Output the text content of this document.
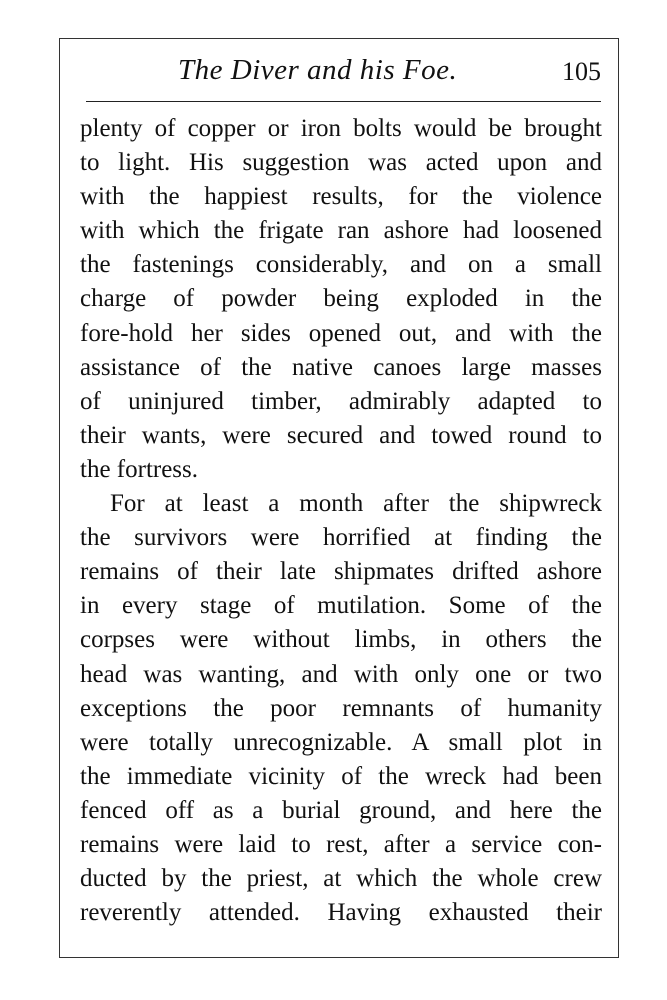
The Diver and his Foe.	105
plenty of copper or iron bolts would be brought
to light. His suggestion was acted upon and
with the happiest results, for the violence
with which the frigate ran ashore had loosened
the fastenings considerably, and on a small
charge of powder being exploded in the
fore-hold her sides opened out, and with the
assistance of the native canoes large masses
of uninjured timber, admirably adapted to
their wants, were secured and towed round to
the fortress.
For at least a month after the shipwreck
the survivors were horrified at finding the
remains of their late shipmates drifted ashore
in every stage of mutilation. Some of the
corpses were without limbs, in others the
head was wanting, and with only one or two
exceptions the poor remnants of humanity
were totally unrecognizable. A small plot in
the immediate vicinity of the wreck had been
fenced off as a burial ground, and here the
remains were laid to rest, after a service con-
ducted by the priest, at which the whole crew
reverently attended. Having exhausted their
